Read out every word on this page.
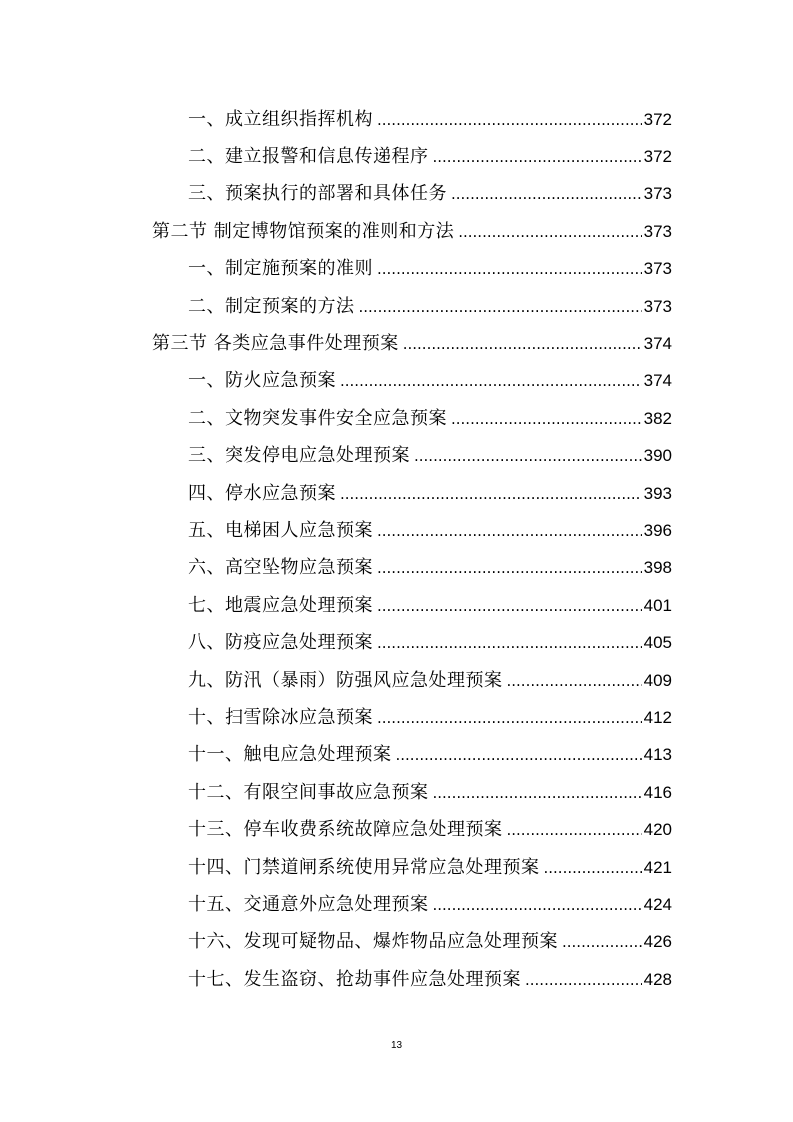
一、成立组织指挥机构 .....	372
二、建立报警和信息传递程序 .....	372
三、预案执行的部署和具体任务 .....	373
第二节 制定博物馆预案的准则和方法 .....	373
一、制定施预案的准则 .....	373
二、制定预案的方法 .....	373
第三节 各类应急事件处理预案 .....	374
一、防火应急预案 .....	374
二、文物突发事件安全应急预案 .....	382
三、突发停电应急处理预案 .....	390
四、停水应急预案 .....	393
五、电梯困人应急预案 .....	396
六、高空坠物应急预案 .....	398
七、地震应急处理预案 .....	401
八、防疫应急处理预案 .....	405
九、防汛（暴雨）防强风应急处理预案 .....	409
十、扫雪除冰应急预案 .....	412
十一、触电应急处理预案 .....	413
十二、有限空间事故应急预案 .....	416
十三、停车收费系统故障应急处理预案 .....	420
十四、门禁道闸系统使用异常应急处理预案 .....	421
十五、交通意外应急处理预案 .....	424
十六、发现可疑物品、爆炸物品应急处理预案 .....	426
十七、发生盗窃、抢劫事件应急处理预案 .....	428
13
